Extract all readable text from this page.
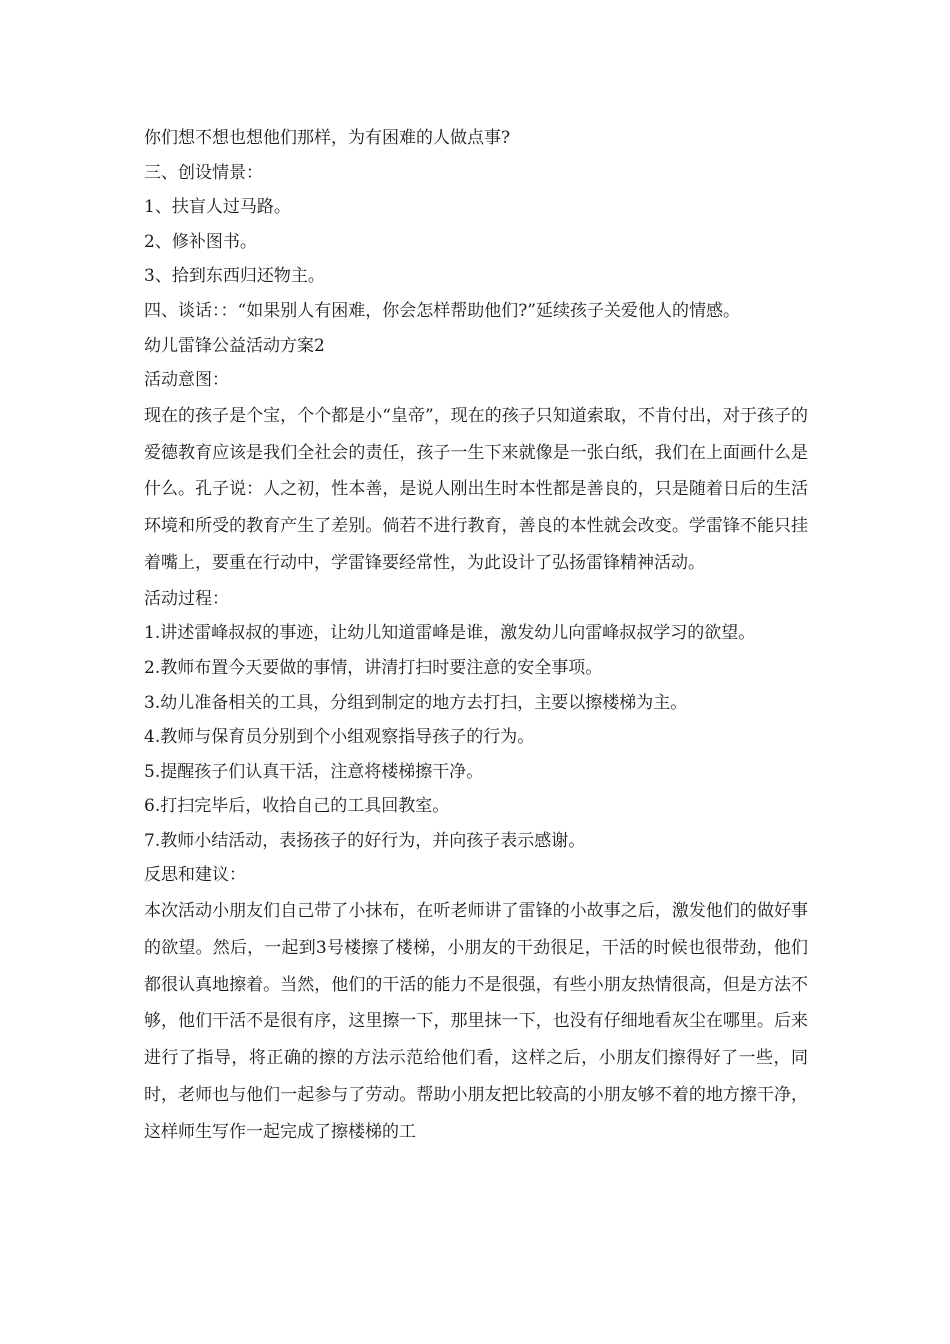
你们想不想也想他们那样，为有困难的人做点事?

三、创设情景：

1、扶盲人过马路。

2、修补图书。

3、拾到东西归还物主。

四、谈话：：“如果别人有困难，你会怎样帮助他们?”延续孩子关爱他人的情感。

幼儿雷锋公益活动方案2

活动意图：

现在的孩子是个宝，个个都是小“皇帝”，现在的孩子只知道索取，不肯付出，对于孩子的爱德教育应该是我们全社会的责任，孩子一生下来就像是一张白纸，我们在上面画什么是什么。孔子说：人之初，性本善，是说人刚出生时本性都是善良的，只是随着日后的生活环境和所受的教育产生了差别。倘若不进行教育，善良的本性就会改变。学雷锋不能只挂着嘴上，要重在行动中，学雷锋要经常性，为此设计了弘扬雷锋精神活动。

活动过程：

1.讲述雷峰叔叔的事迹，让幼儿知道雷峰是谁，激发幼儿向雷峰叔叔学习的欲望。

2.教师布置今天要做的事情，讲清打扫时要注意的安全事项。

3.幼儿准备相关的工具，分组到制定的地方去打扫，主要以擦楼梯为主。

4.教师与保育员分别到个小组观察指导孩子的行为。

5.提醒孩子们认真干活，注意将楼梯擦干净。

6.打扫完毕后，收拾自己的工具回教室。

7.教师小结活动，表扬孩子的好行为，并向孩子表示感谢。

反思和建议：

本次活动小朋友们自己带了小抹布，在听老师讲了雷锋的小故事之后，激发他们的做好事的欲望。然后，一起到3号楼擦了楼梯，小朋友的干劲很足，干活的时候也很带劲，他们都很认真地擦着。当然，他们的干活的能力不是很强，有些小朋友热情很高，但是方法不够，他们干活不是很有序，这里擦一下，那里抹一下，也没有仔细地看灰尘在哪里。后来进行了指导，将正确的擦的方法示范给他们看，这样之后，小朋友们擦得好了一些，同时，老师也与他们一起参与了劳动。帮助小朋友把比较高的小朋友够不着的地方擦干净，这样师生写作一起完成了擦楼梯的工
